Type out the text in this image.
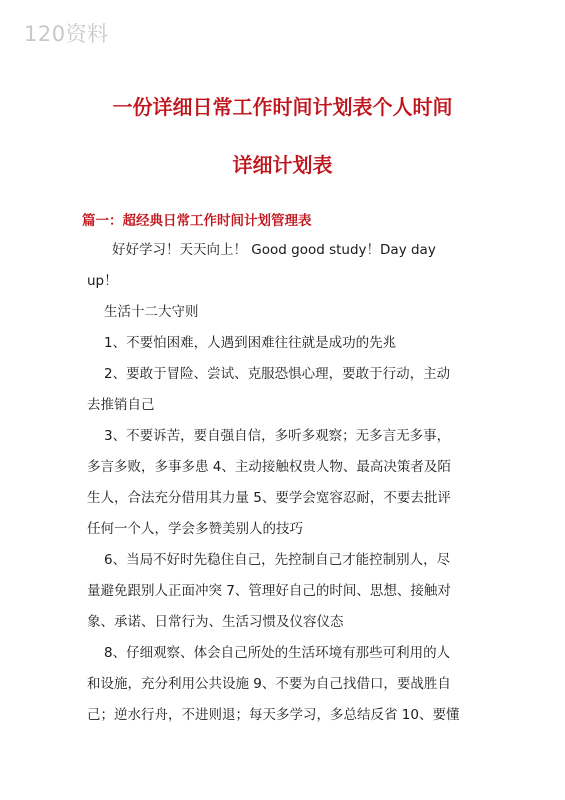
120资料
一份详细日常工作时间计划表个人时间
详细计划表
篇一：超经典日常工作时间计划管理表
好好学习！天天向上！ Good good study！Day day
up！
生活十二大守则
1、不要怕困难，人遇到困难往往就是成功的先兆
2、要敢于冒险、尝试、克服恐惧心理，要敢于行动，主动
去推销自己
3、不要诉苦，要自强自信，多听多观察；无多言无多事，
多言多败，多事多患 4、主动接触权贵人物、最高决策者及陌
生人，合法充分借用其力量 5、要学会宽容忍耐，不要去批评
任何一个人，学会多赞美别人的技巧
6、当局不好时先稳住自己，先控制自己才能控制别人，尽
量避免跟别人正面冲突 7、管理好自己的时间、思想、接触对
象、承诺、日常行为、生活习惯及仪容仪态
8、仔细观察、体会自己所处的生活环境有那些可利用的人
和设施，充分利用公共设施 9、不要为自己找借口，要战胜自
己；逆水行舟，不进则退；每天多学习，多总结反省 10、要懂
